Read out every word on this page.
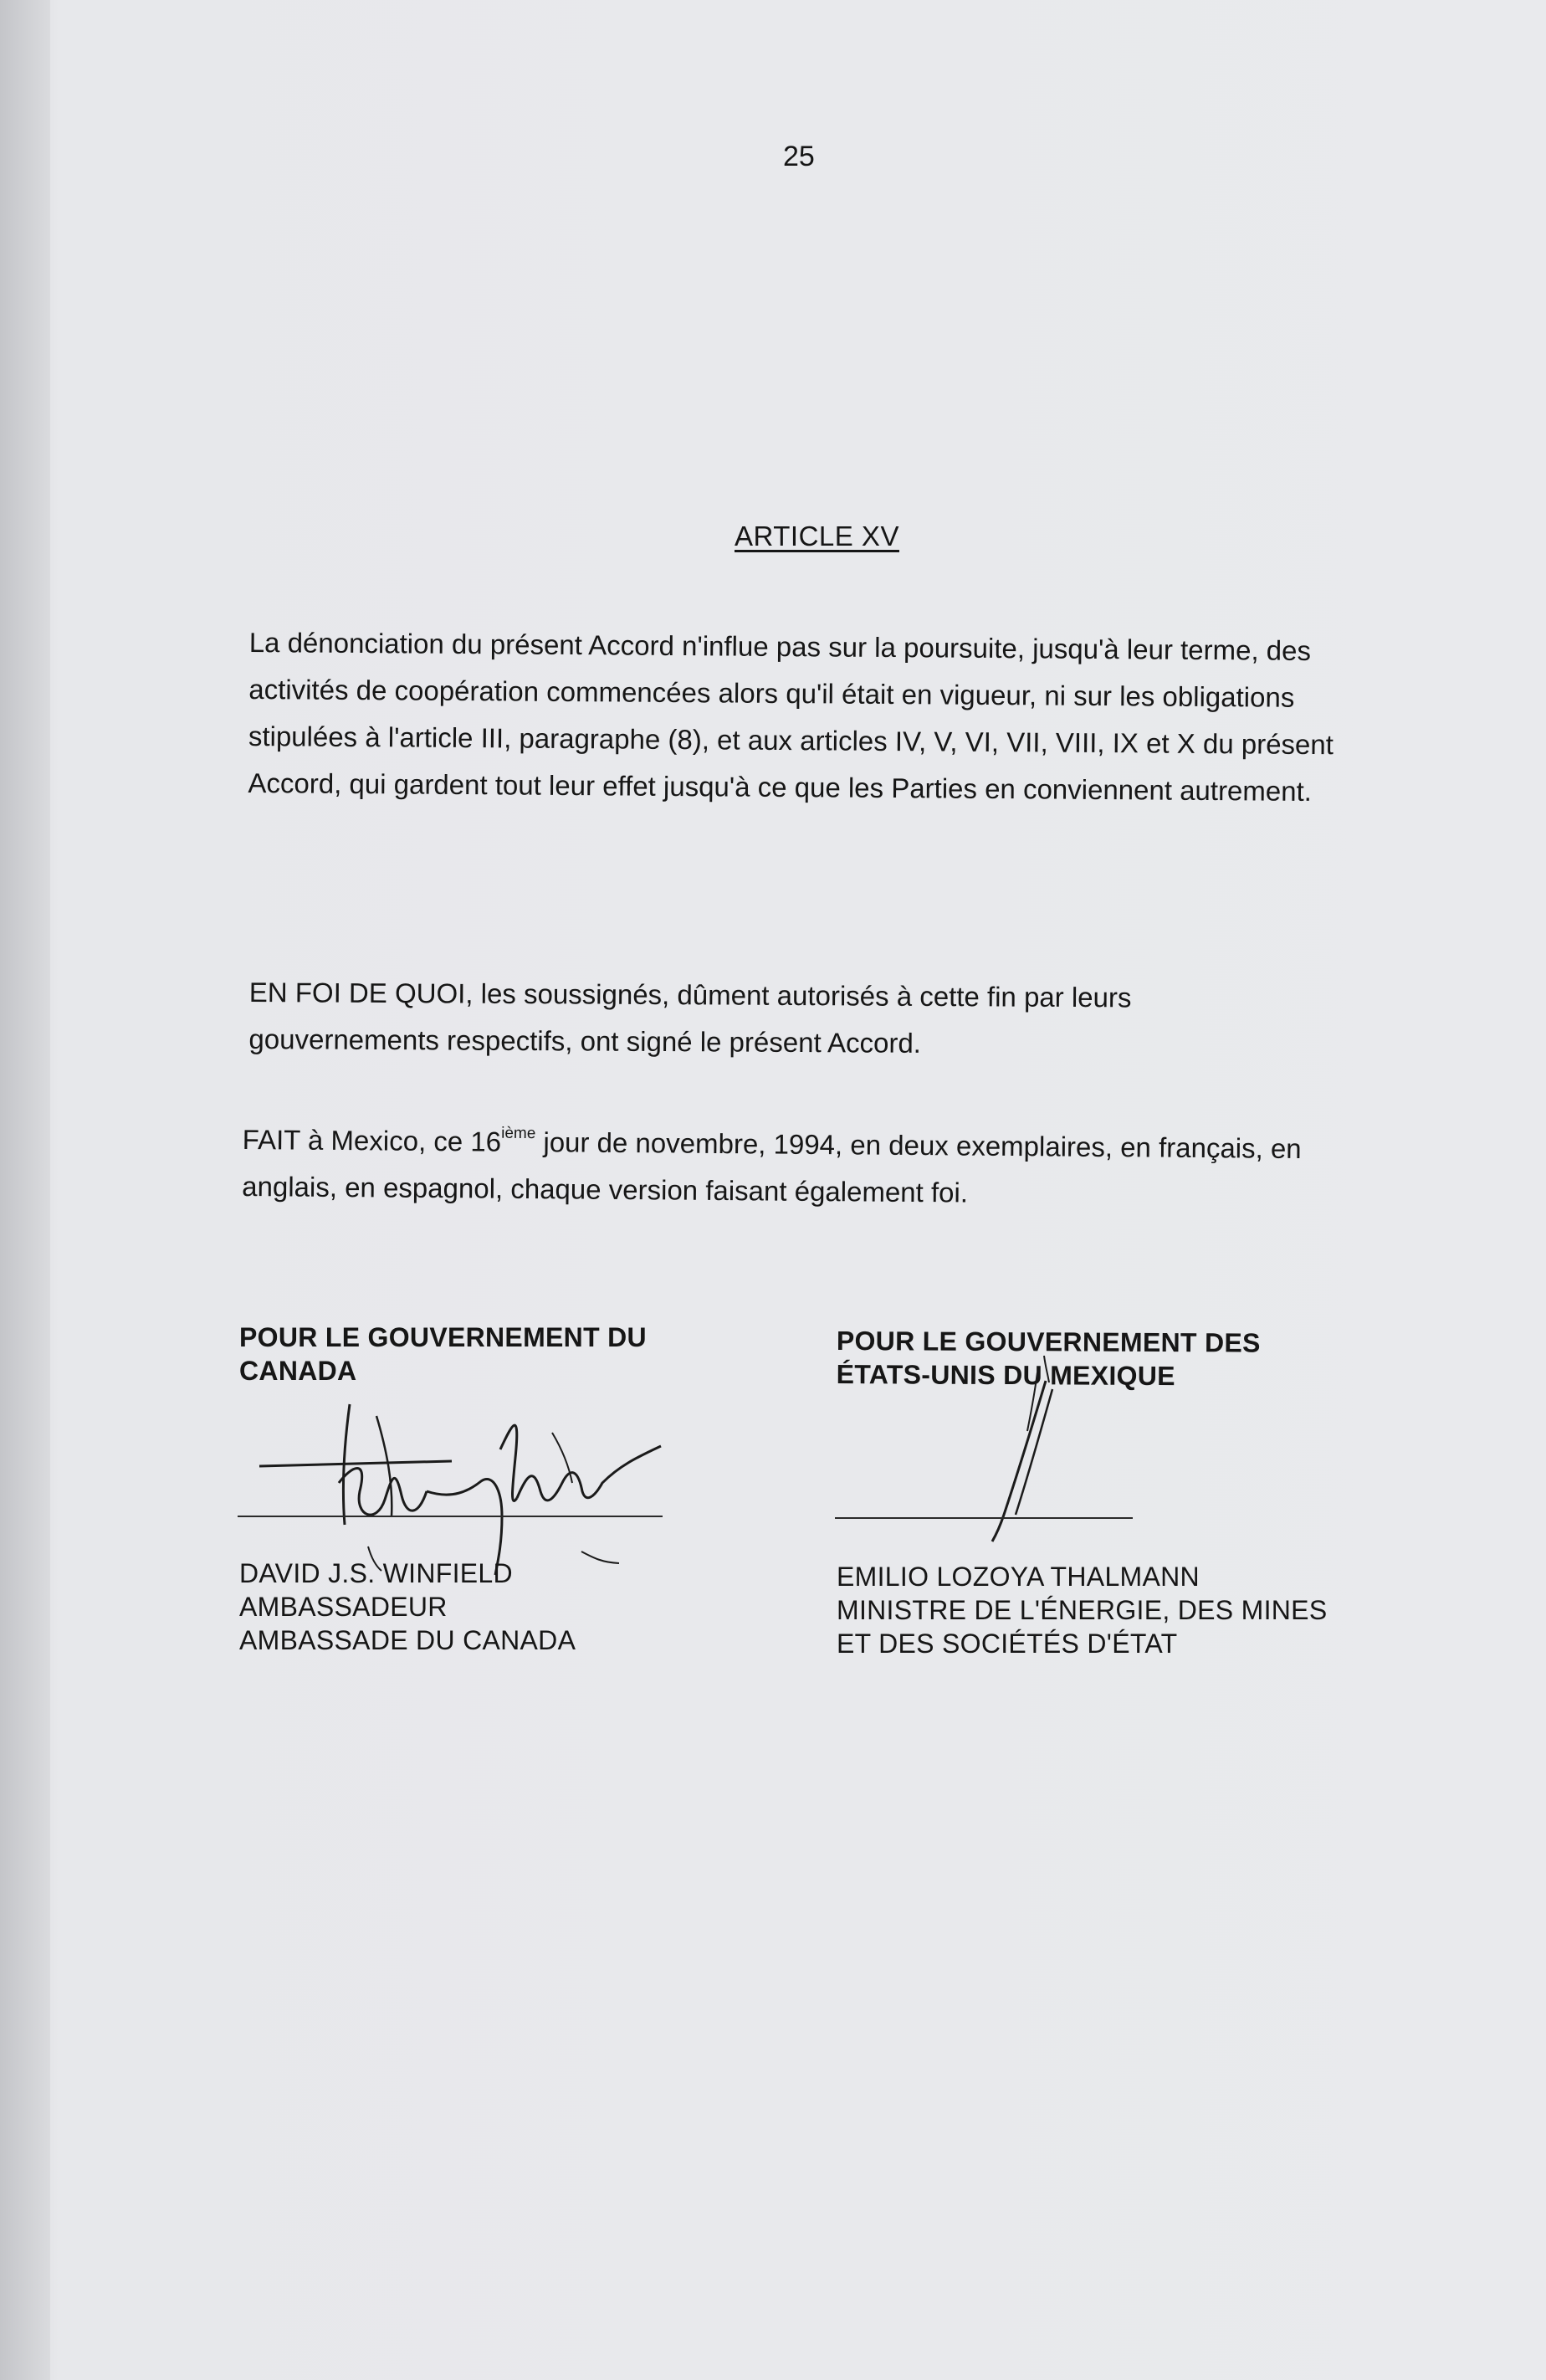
25
ARTICLE XV
La dénonciation du présent Accord n'influe pas sur la poursuite, jusqu'à leur terme, des activités de coopération commencées alors qu'il était en vigueur, ni sur les obligations stipulées à l'article III, paragraphe (8), et aux articles IV, V, VI, VII, VIII, IX et X du présent Accord, qui gardent tout leur effet jusqu'à ce que les Parties en conviennent autrement.
EN FOI DE QUOI, les soussignés, dûment autorisés à cette fin par leurs gouvernements respectifs, ont signé le présent Accord.
FAIT à Mexico, ce 16ième jour de novembre, 1994, en deux exemplaires, en français, en anglais, en espagnol, chaque version faisant également foi.
POUR LE GOUVERNEMENT DU
CANADA
DAVID J.S. WINFIELD
AMBASSADEUR
AMBASSADE DU CANADA
POUR LE GOUVERNEMENT DES
ÉTATS-UNIS DU MEXIQUE
EMILIO LOZOYA THALMANN
MINISTRE DE L'ÉNERGIE, DES MINES
ET DES SOCIÉTÉS D'ÉTAT
